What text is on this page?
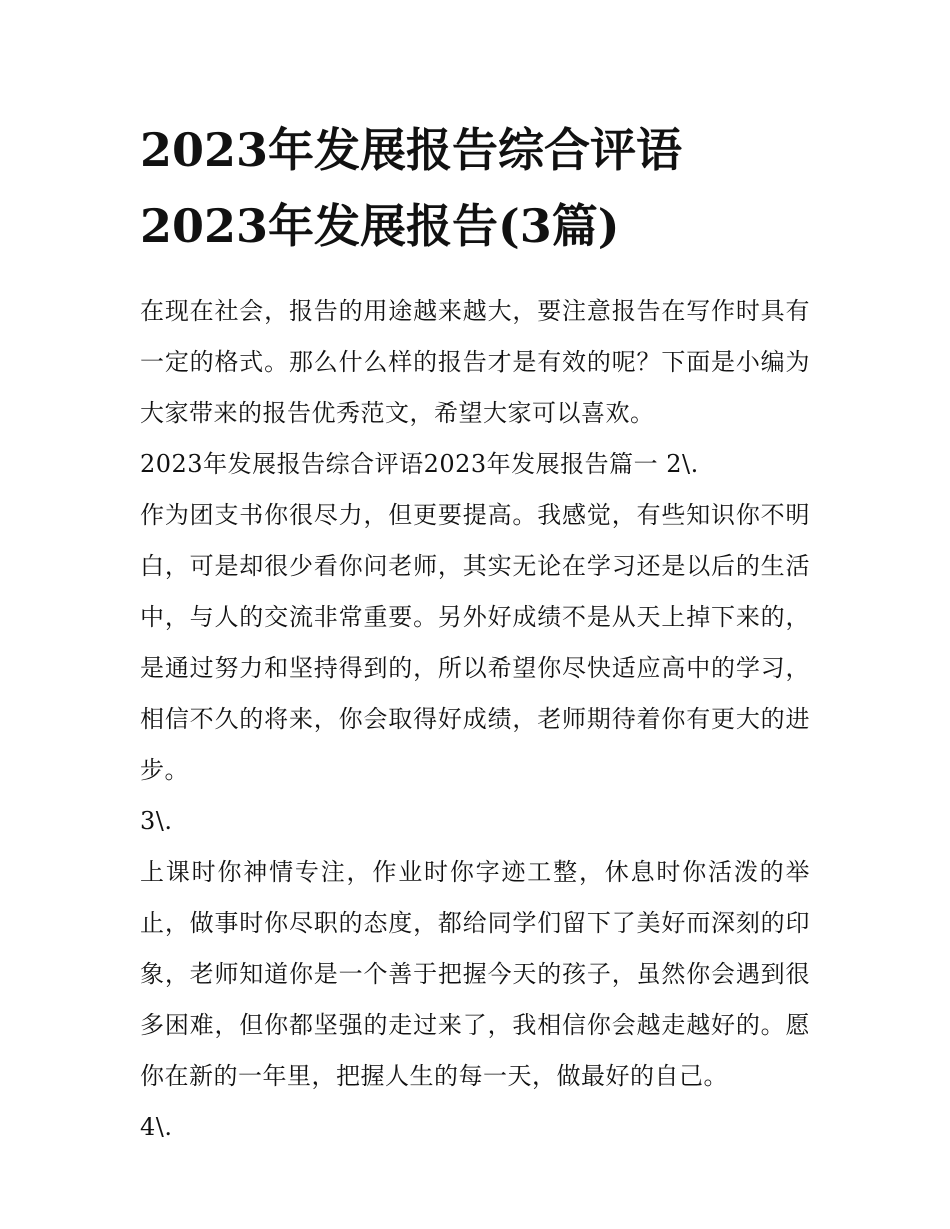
2023年发展报告综合评语
2023年发展报告(3篇)

在现在社会，报告的用途越来越大，要注意报告在写作时具有一定的格式。那么什么样的报告才是有效的呢？下面是小编为大家带来的报告优秀范文，希望大家可以喜欢。

2023年发展报告综合评语2023年发展报告篇一 2\.

作为团支书你很尽力，但更要提高。我感觉，有些知识你不明白，可是却很少看你问老师，其实无论在学习还是以后的生活中，与人的交流非常重要。另外好成绩不是从天上掉下来的，是通过努力和坚持得到的，所以希望你尽快适应高中的学习，相信不久的将来，你会取得好成绩，老师期待着你有更大的进步。

3\.

上课时你神情专注，作业时你字迹工整，休息时你活泼的举止，做事时你尽职的态度，都给同学们留下了美好而深刻的印象，老师知道你是一个善于把握今天的孩子，虽然你会遇到很多困难，但你都坚强的走过来了，我相信你会越走越好的。愿你在新的一年里，把握人生的每一天，做最好的自己。

4\.
